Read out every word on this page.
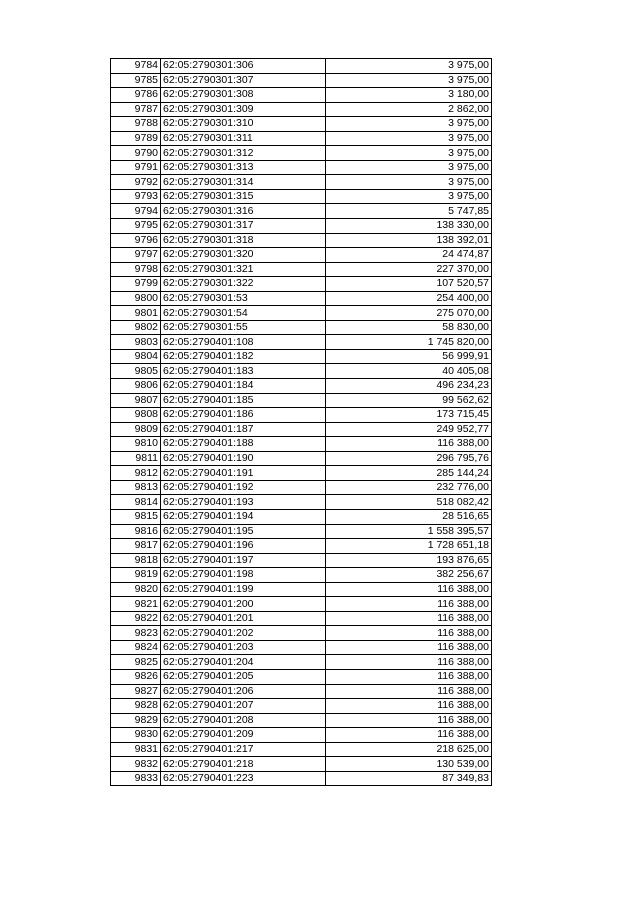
9784	62:05:2790301:306	3 975,00
9785	62:05:2790301:307	3 975,00
9786	62:05:2790301:308	3 180,00
9787	62:05:2790301:309	2 862,00
9788	62:05:2790301:310	3 975,00
9789	62:05:2790301:311	3 975,00
9790	62:05:2790301:312	3 975,00
9791	62:05:2790301:313	3 975,00
9792	62:05:2790301:314	3 975,00
9793	62:05:2790301:315	3 975,00
9794	62:05:2790301:316	5 747,85
9795	62:05:2790301:317	138 330,00
9796	62:05:2790301:318	138 392,01
9797	62:05:2790301:320	24 474,87
9798	62:05:2790301:321	227 370,00
9799	62:05:2790301:322	107 520,57
9800	62:05:2790301:53	254 400,00
9801	62:05:2790301:54	275 070,00
9802	62:05:2790301:55	58 830,00
9803	62:05:2790401:108	1 745 820,00
9804	62:05:2790401:182	56 999,91
9805	62:05:2790401:183	40 405,08
9806	62:05:2790401:184	496 234,23
9807	62:05:2790401:185	99 562,62
9808	62:05:2790401:186	173 715,45
9809	62:05:2790401:187	249 952,77
9810	62:05:2790401:188	116 388,00
9811	62:05:2790401:190	296 795,76
9812	62:05:2790401:191	285 144,24
9813	62:05:2790401:192	232 776,00
9814	62:05:2790401:193	518 082,42
9815	62:05:2790401:194	28 516,65
9816	62:05:2790401:195	1 558 395,57
9817	62:05:2790401:196	1 728 651,18
9818	62:05:2790401:197	193 876,65
9819	62:05:2790401:198	382 256,67
9820	62:05:2790401:199	116 388,00
9821	62:05:2790401:200	116 388,00
9822	62:05:2790401:201	116 388,00
9823	62:05:2790401:202	116 388,00
9824	62:05:2790401:203	116 388,00
9825	62:05:2790401:204	116 388,00
9826	62:05:2790401:205	116 388,00
9827	62:05:2790401:206	116 388,00
9828	62:05:2790401:207	116 388,00
9829	62:05:2790401:208	116 388,00
9830	62:05:2790401:209	116 388,00
9831	62:05:2790401:217	218 625,00
9832	62:05:2790401:218	130 539,00
9833	62:05:2790401:223	87 349,83
